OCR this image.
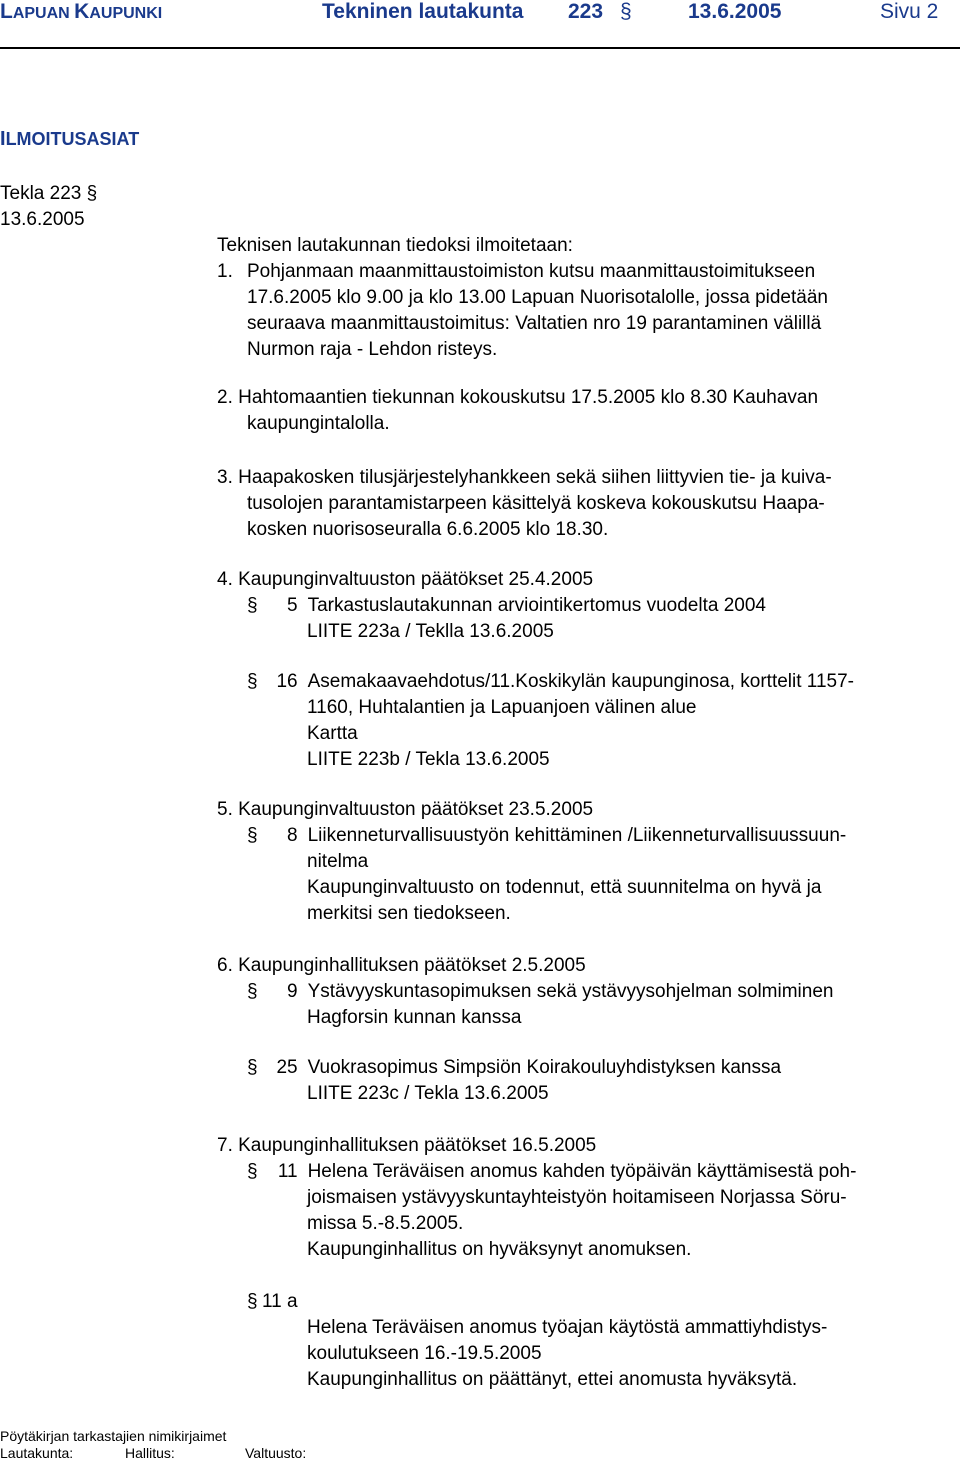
LAPUAN KAUPUNKI	Tekninen lautakunta 223 §	13.6.2005	Sivu 2
ILMOITUSASIAT
Tekla 223 §
13.6.2005
Teknisen lautakunnan tiedoksi ilmoitetaan:
1. Pohjanmaan maanmittaustoimiston kutsu maanmittaustoimitukseen
17.6.2005 klo 9.00 ja klo 13.00 Lapuan Nuorisotalolle, jossa pidetään
seuraava maanmittaustoimitus: Valtatien nro 19 parantaminen välillä
Nurmon raja - Lehdon risteys.
2. Hahtomaantien tiekunnan kokouskutsu 17.5.2005 klo 8.30 Kauhavan
kaupungintalolla.
3. Haapakosken tilusjärjestelyhankkeen sekä siihen liittyvien tie- ja kuiva-
tusolojen parantamistarpeen käsittelyä koskeva kokouskutsu Haapa-
kosken nuorisoseuralla 6.6.2005 klo 18.30.
4. Kaupunginvaltuuston päätökset 25.4.2005
§ 5 Tarkastuslautakunnan arviointikertomus vuodelta 2004
LIITE 223a / Teklla 13.6.2005
§ 16 Asemakaavaehdotus/11.Koskikylän kaupunginosa, korttelit 1157-
1160, Huhtalantien ja Lapuanjoen välinen alue
Kartta
LIITE 223b / Tekla 13.6.2005
5. Kaupunginvaltuuston päätökset 23.5.2005
§ 8 Liikenneturvallisuustyön kehittäminen /Liikenneturvallisuussuun-
nitelma
Kaupunginvaltuusto on todennut, että suunnitelma on hyvä ja
merkitsi sen tiedokseen.
6. Kaupunginhallituksen päätökset 2.5.2005
§ 9 Ystävyyskuntasopimuksen sekä ystävyysohjelman solmiminen
Hagforsin kunnan kanssa
§ 25 Vuokrasopimus Simpsiön Koirakouluyhdistyksen kanssa
LIITE 223c / Tekla 13.6.2005
7. Kaupunginhallituksen päätökset 16.5.2005
§ 11 Helena Teräväisen anomus kahden työpäivän käyttämisestä poh-
joismaisen ystävyyskuntayhteistyön hoitamiseen Norjassa Söru-
missa 5.-8.5.2005.
Kaupunginhallitus on hyväksynyt anomuksen.
§ 11 a
Helena Teräväisen anomus työajan käytöstä ammattiyhdistys-
koulutukseen 16.-19.5.2005
Kaupunginhallitus on päättänyt, ettei anomusta hyväksytä.
Pöytäkirjan tarkastajien nimikirjaimet
Lautakunta:	Hallitus:	Valtuusto:
